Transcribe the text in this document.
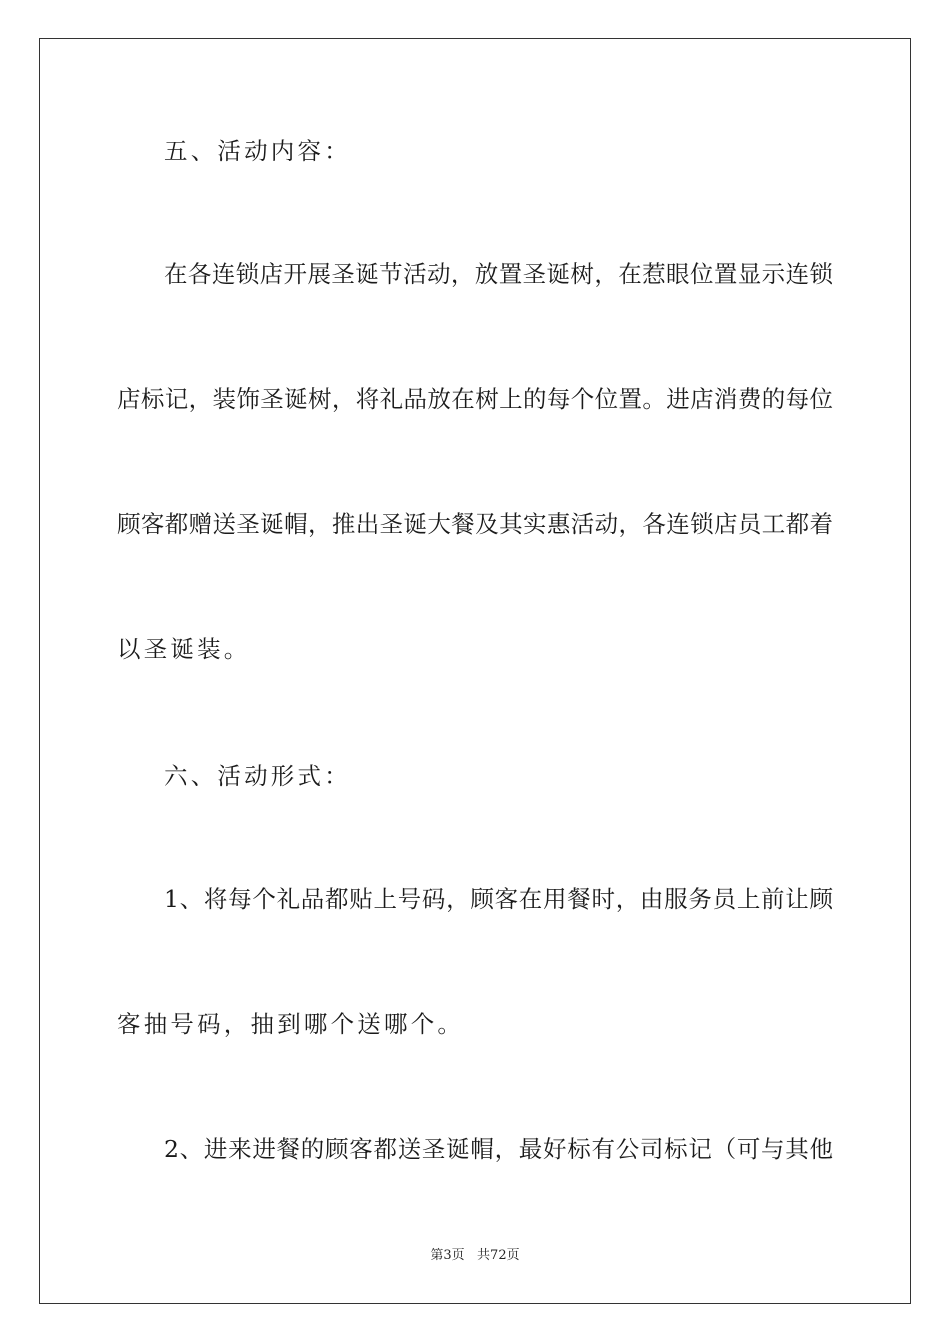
五、活动内容：
在各连锁店开展圣诞节活动，放置圣诞树，在惹眼位置显示连锁
店标记，装饰圣诞树，将礼品放在树上的每个位置。进店消费的每位
顾客都赠送圣诞帽，推出圣诞大餐及其实惠活动，各连锁店员工都着
以圣诞装。
六、活动形式：
1、将每个礼品都贴上号码，顾客在用餐时，由服务员上前让顾
客抽号码，抽到哪个送哪个。
2、进来进餐的顾客都送圣诞帽，最好标有公司标记（可与其他
第3页   共72页
